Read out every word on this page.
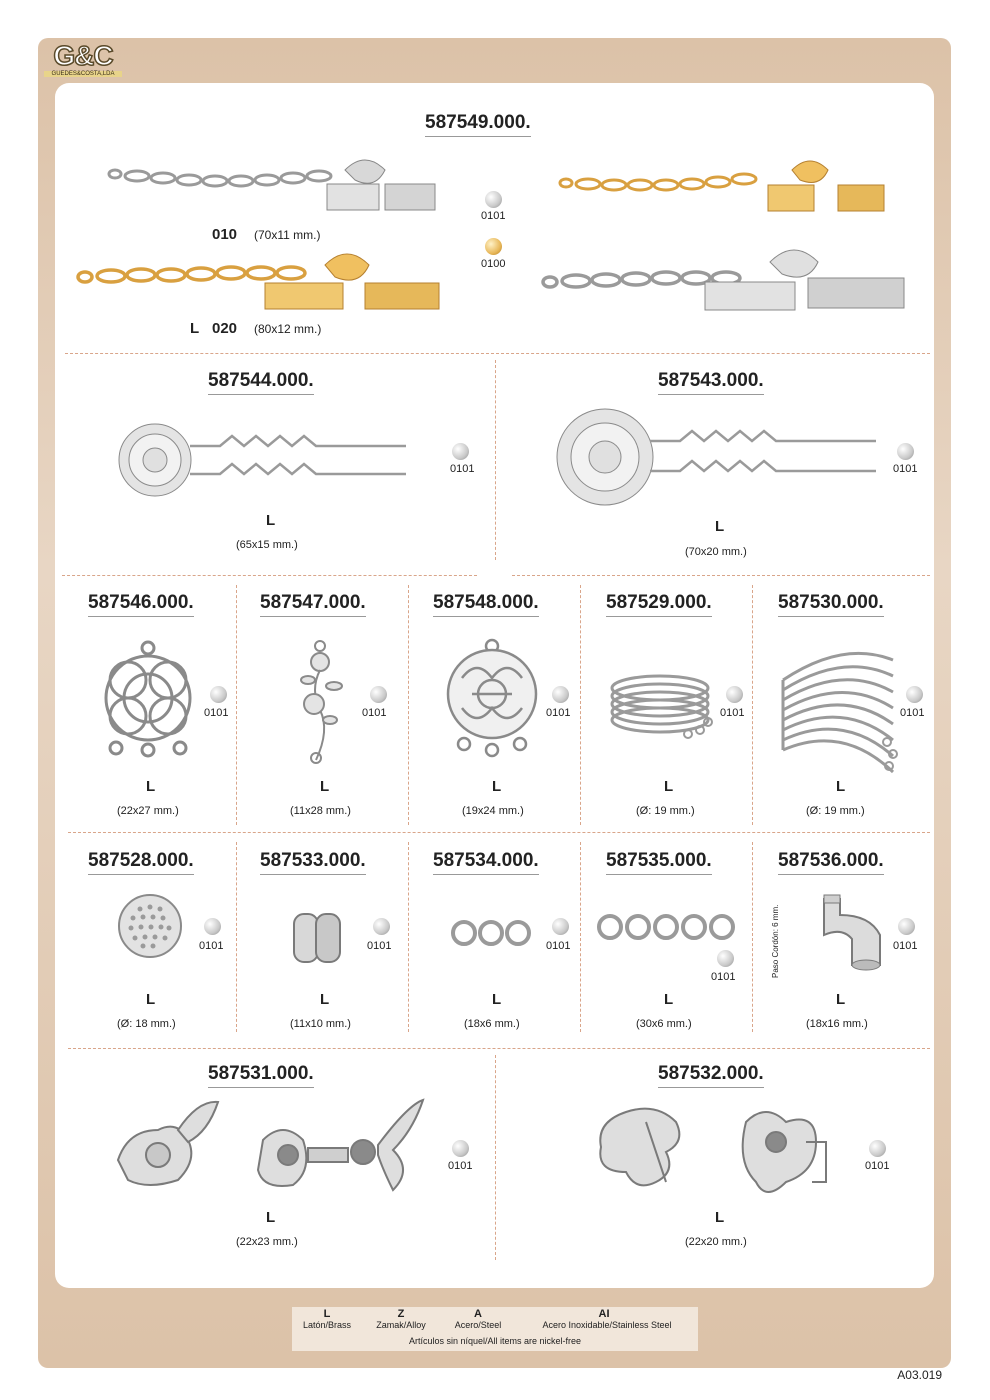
G&C
GUEDES&COSTA,LDA
587549.000.
010 (70x11 mm.)
0101
0100
L 020 (80x12 mm.)
587544.000.
0101
L
(65x15 mm.)
587543.000.
0101
L
(70x20 mm.)
587546.000.
0101
L
(22x27 mm.)
587547.000.
0101
L
(11x28 mm.)
587548.000.
0101
L
(19x24 mm.)
587529.000.
0101
L
(Ø: 19 mm.)
587530.000.
0101
L
(Ø: 19 mm.)
587528.000.
0101
L
(Ø: 18 mm.)
587533.000.
0101
L
(11x10 mm.)
587534.000.
0101
L
(18x6 mm.)
587535.000.
0101
L
(30x6 mm.)
587536.000.
Paso Cordón: 6 mm.	0101
L
(18x16 mm.)
587531.000.
0101
L
(22x23 mm.)
587532.000.
0101
L
(22x20 mm.)
L
Latón/Brass
Z
Zamak/Alloy
A
Acero/Steel
AI
Acero Inoxidable/Stainless Steel
Artículos sin níquel/All items are nickel-free
A03.019
